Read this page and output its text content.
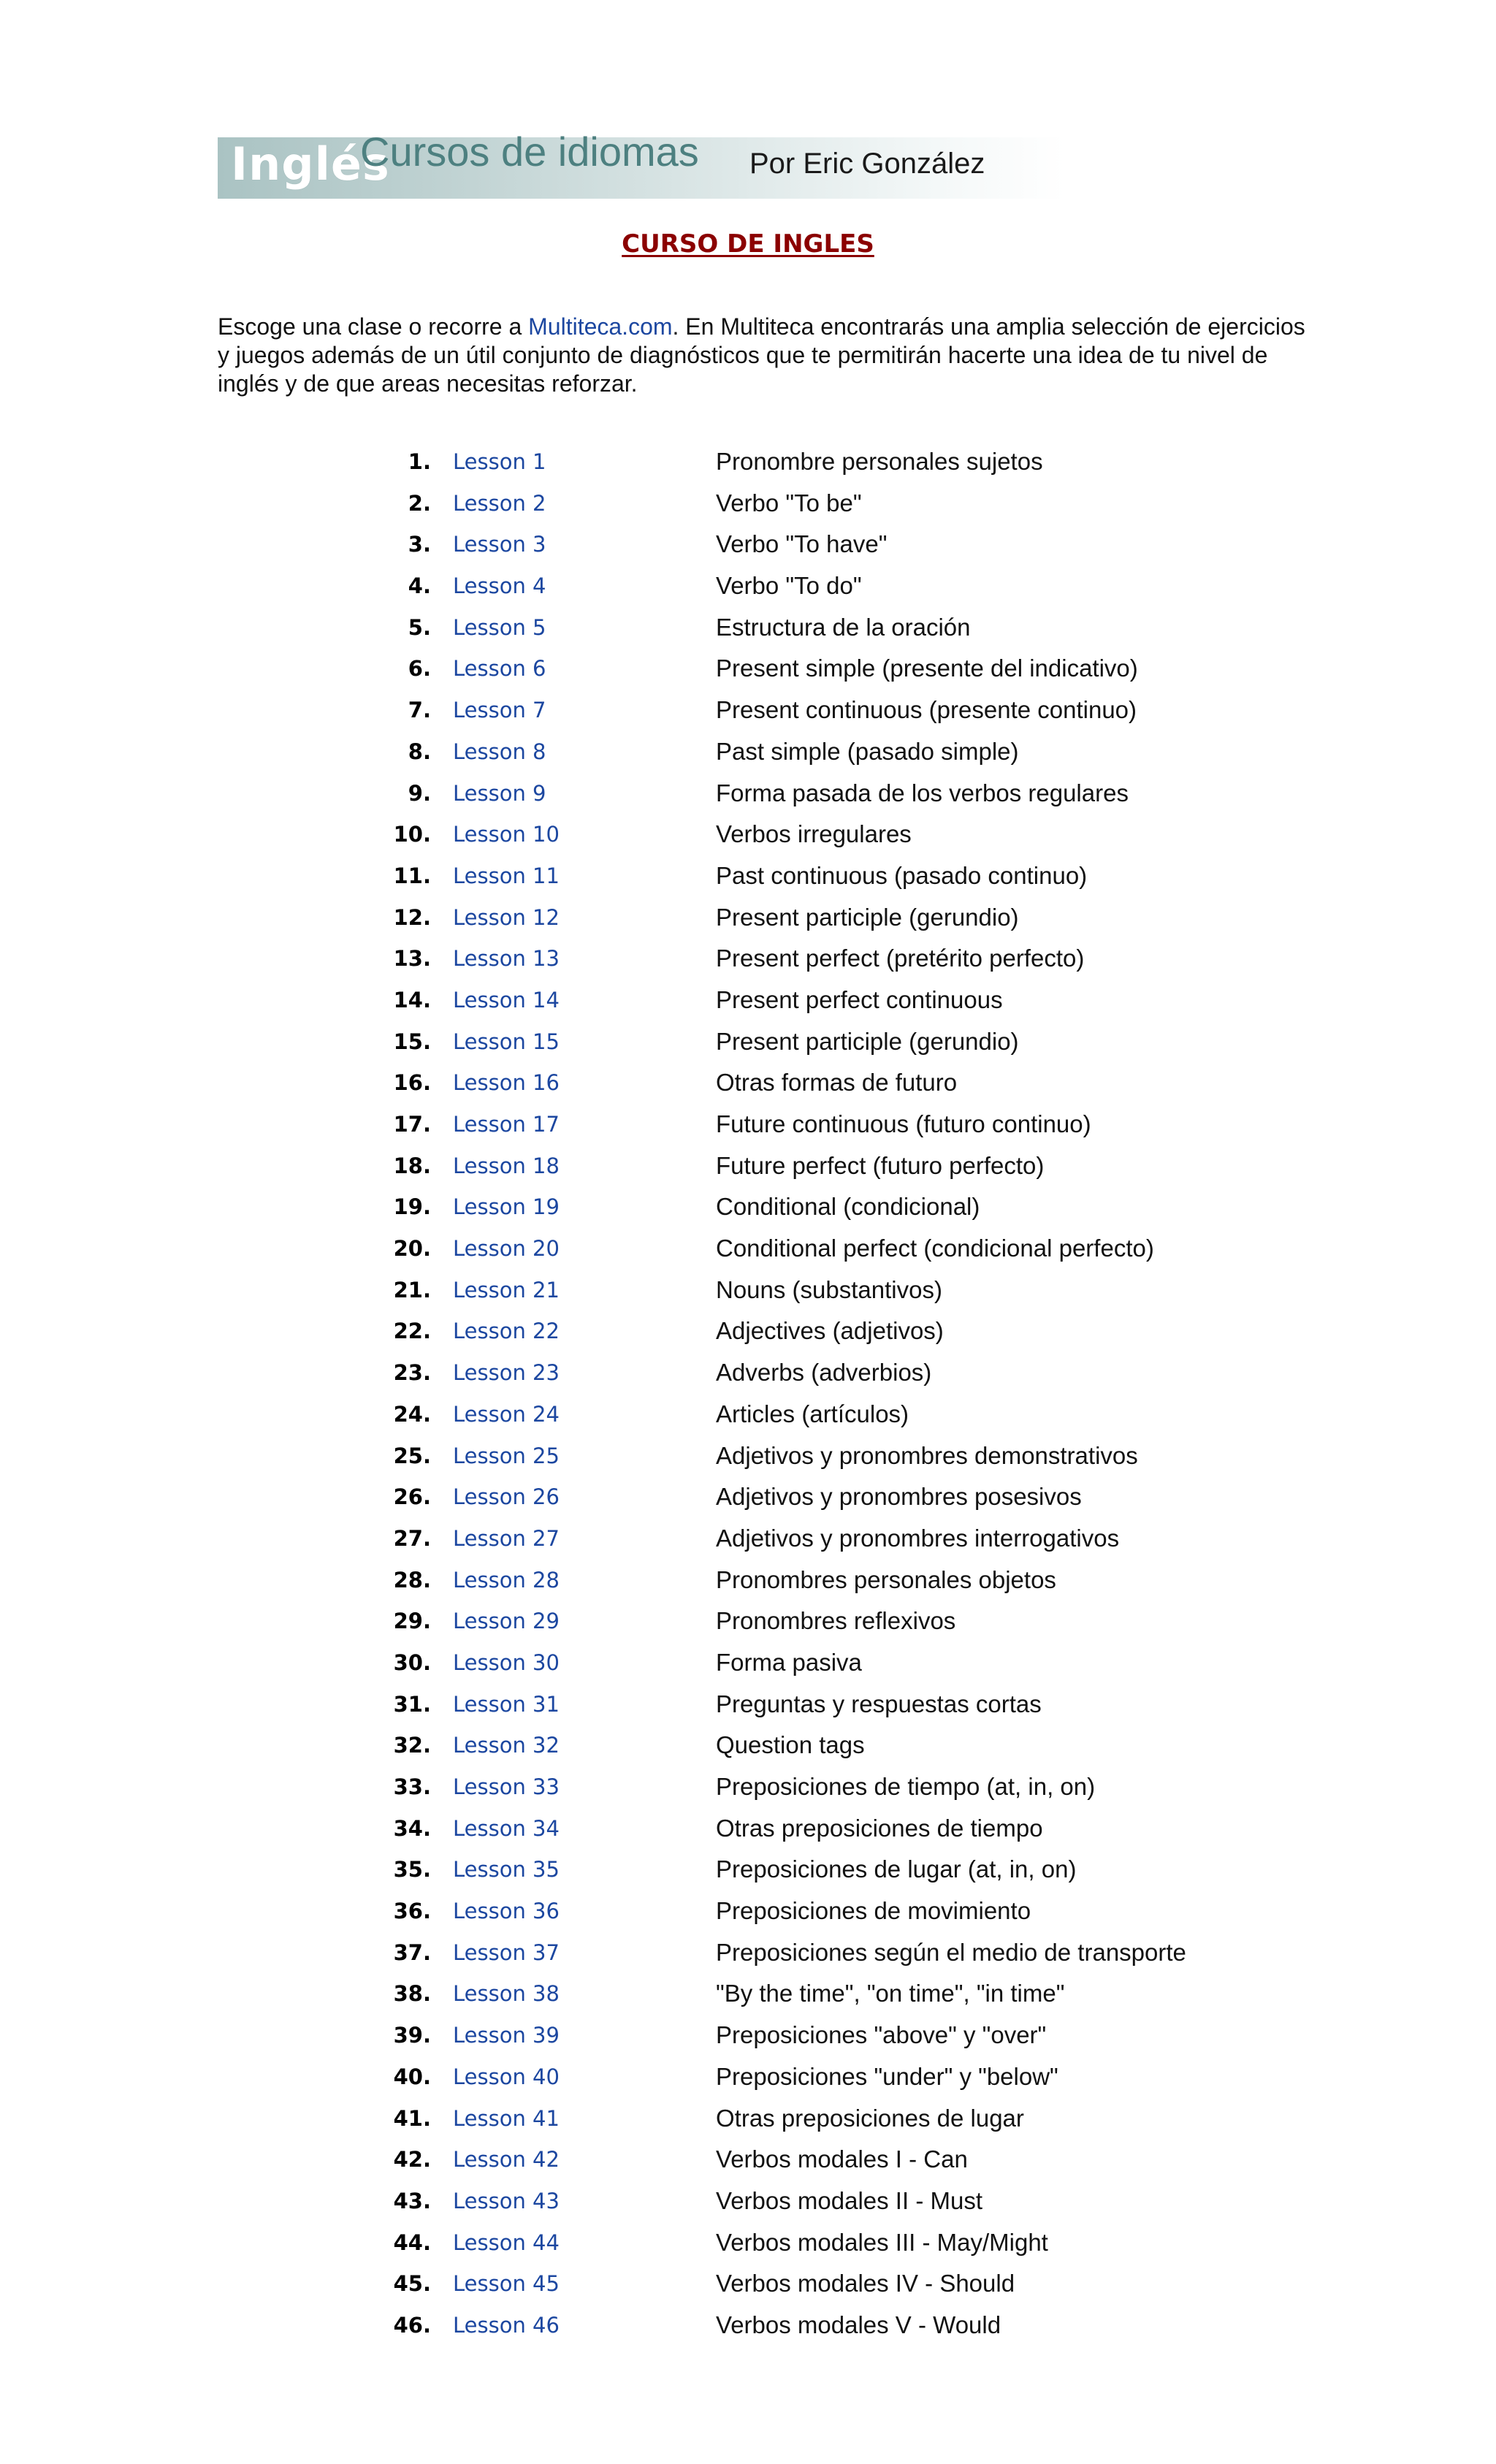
Inglés
Cursos de idiomas Por Eric González
CURSO DE INGLES

Escoge una clase o recorre a Multiteca.com. En Multiteca encontrarás una amplia selección de ejercicios y juegos además de un útil conjunto de diagnósticos que te permitirán hacerte una idea de tu nivel de inglés y de que areas necesitas reforzar.

1. Lesson 1	Pronombre personales sujetos
2. Lesson 2	Verbo "To be"
3. Lesson 3	Verbo "To have"
4. Lesson 4	Verbo "To do"
5. Lesson 5	Estructura de la oración
6. Lesson 6	Present simple (presente del indicativo)
7. Lesson 7	Present continuous (presente continuo)
8. Lesson 8	Past simple (pasado simple)
9. Lesson 9	Forma pasada de los verbos regulares
10. Lesson 10	Verbos irregulares
11. Lesson 11	Past continuous (pasado continuo)
12. Lesson 12	Present participle (gerundio)
13. Lesson 13	Present perfect (pretérito perfecto)
14. Lesson 14	Present perfect continuous
15. Lesson 15	Present participle (gerundio)
16. Lesson 16	Otras formas de futuro
17. Lesson 17	Future continuous (futuro continuo)
18. Lesson 18	Future perfect (futuro perfecto)
19. Lesson 19	Conditional (condicional)
20. Lesson 20	Conditional perfect (condicional perfecto)
21. Lesson 21	Nouns (substantivos)
22. Lesson 22	Adjectives (adjetivos)
23. Lesson 23	Adverbs (adverbios)
24. Lesson 24	Articles (artículos)
25. Lesson 25	Adjetivos y pronombres demonstrativos
26. Lesson 26	Adjetivos y pronombres posesivos
27. Lesson 27	Adjetivos y pronombres interrogativos
28. Lesson 28	Pronombres personales objetos
29. Lesson 29	Pronombres reflexivos
30. Lesson 30	Forma pasiva
31. Lesson 31	Preguntas y respuestas cortas
32. Lesson 32	Question tags
33. Lesson 33	Preposiciones de tiempo (at, in, on)
34. Lesson 34	Otras preposiciones de tiempo
35. Lesson 35	Preposiciones de lugar (at, in, on)
36. Lesson 36	Preposiciones de movimiento
37. Lesson 37	Preposiciones según el medio de transporte
38. Lesson 38	"By the time", "on time", "in time"
39. Lesson 39	Preposiciones "above" y "over"
40. Lesson 40	Preposiciones "under" y "below"
41. Lesson 41	Otras preposiciones de lugar
42. Lesson 42	Verbos modales I - Can
43. Lesson 43	Verbos modales II - Must
44. Lesson 44	Verbos modales III - May/Might
45. Lesson 45	Verbos modales IV - Should
46. Lesson 46	Verbos modales V - Would
